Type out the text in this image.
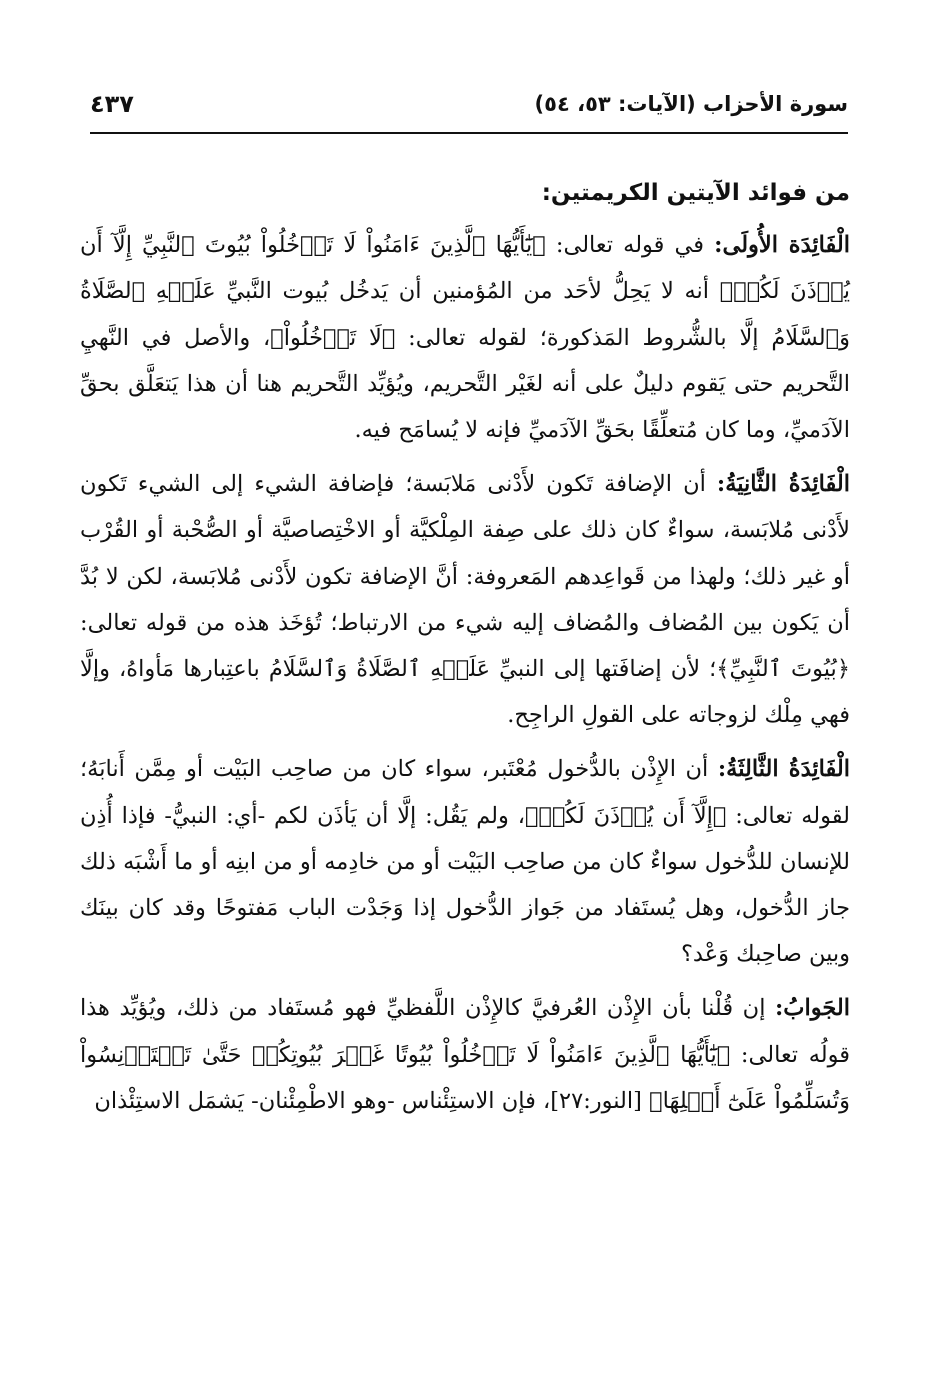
سورة الأحزاب (الآيات: ٥٣، ٥٤)
٤٣٧
من فوائد الآيتين الكريمتين:

الْفَائِدَة الأُولَى: في قوله تعالى: ﴿يَٰٓأَيُّهَا ٱلَّذِينَ ءَامَنُواْ لَا تَدۡخُلُواْ بُيُوتَ ٱلنَّبِيِّ إِلَّآ أَن يُؤۡذَنَ لَكُمۡ﴾ أنه لا يَحِلُّ لأحَد من المُؤمنين أن يَدخُل بُيوت النَّبيِّ عَلَيۡهِ ٱلصَّلَاةُ وَٱلسَّلَامُ إلَّا بالشُّروط المَذكورة؛ لقوله تعالى: ﴿لَا تَدۡخُلُواْ﴾، والأصل في النَّهيِ التَّحريم حتى يَقوم دليلٌ على أنه لغَيْر التَّحريم، ويُؤيِّد التَّحريم هنا أن هذا يَتعَلَّق بحقِّ الآدَميِّ، وما كان مُتعلِّقًا بحَقِّ الآدَميِّ فإنه لا يُسامَح فيه.

الْفَائِدَةُ الثَّانِيَةُ: أن الإضافة تَكون لأَدْنى مَلابَسة؛ فإضافة الشيء إلى الشيء تَكون لأَدْنى مُلابَسة، سواءٌ كان ذلك على صِفة المِلْكيَّة أو الاخْتِصاصيَّة أو الصُّحْبة أو القُرْب أو غير ذلك؛ ولهذا من قَواعِدهم المَعروفة: أنَّ الإضافة تكون لأَدْنى مُلابَسة، لكن لا بُدَّ أن يَكون بين المُضاف والمُضاف إليه شيء من الارتباط؛ تُؤخَذ هذه من قوله تعالى: ﴿بُيُوتَ ٱلنَّبِيِّ﴾؛ لأن إضافَتها إلى النبيِّ عَلَيۡهِ ٱلصَّلَاةُ وَٱلسَّلَامُ باعتِبارها مَأواهُ، وإلَّا فهي مِلْك لزوجاته على القولِ الراجِح.

الْفَائِدَةُ الثَّالِثَةُ: أن الإِذْن بالدُّخول مُعْتَبر، سواء كان من صاحِب البَيْت أو مِمَّن أَنابَهُ؛ لقوله تعالى: ﴿إِلَّآ أَن يُؤۡذَنَ لَكُمۡ﴾، ولم يَقُل: إلَّا أن يَأذَن لكم -أي: النبيُّ- فإذا أُذِن للإنسان للدُّخول سواءٌ كان من صاحِب البَيْت أو من خادِمه أو من ابنِه أو ما أَشْبَه ذلك جاز الدُّخول، وهل يُستَفاد من جَواز الدُّخول إذا وَجَدْت الباب مَفتوحًا وقد كان بينَك وبين صاحِبك وَعْد؟

الجَوابُ: إن قُلْنا بأن الإِذْن العُرفيَّ كالإِذْن اللَّفظيِّ فهو مُستَفاد من ذلك، ويُؤيِّد هذا قولُه تعالى: ﴿يَٰٓأَيُّهَا ٱلَّذِينَ ءَامَنُواْ لَا تَدۡخُلُواْ بُيُوتًا غَيۡرَ بُيُوتِكُمۡ حَتَّىٰ تَسۡتَأۡنِسُواْ وَتُسَلِّمُواْ عَلَىٰٓ أَهۡلِهَا﴾ [النور:٢٧]، فإن الاستِئْناس -وهو الاطْمِئْنان- يَشمَل الاستِئْذان
